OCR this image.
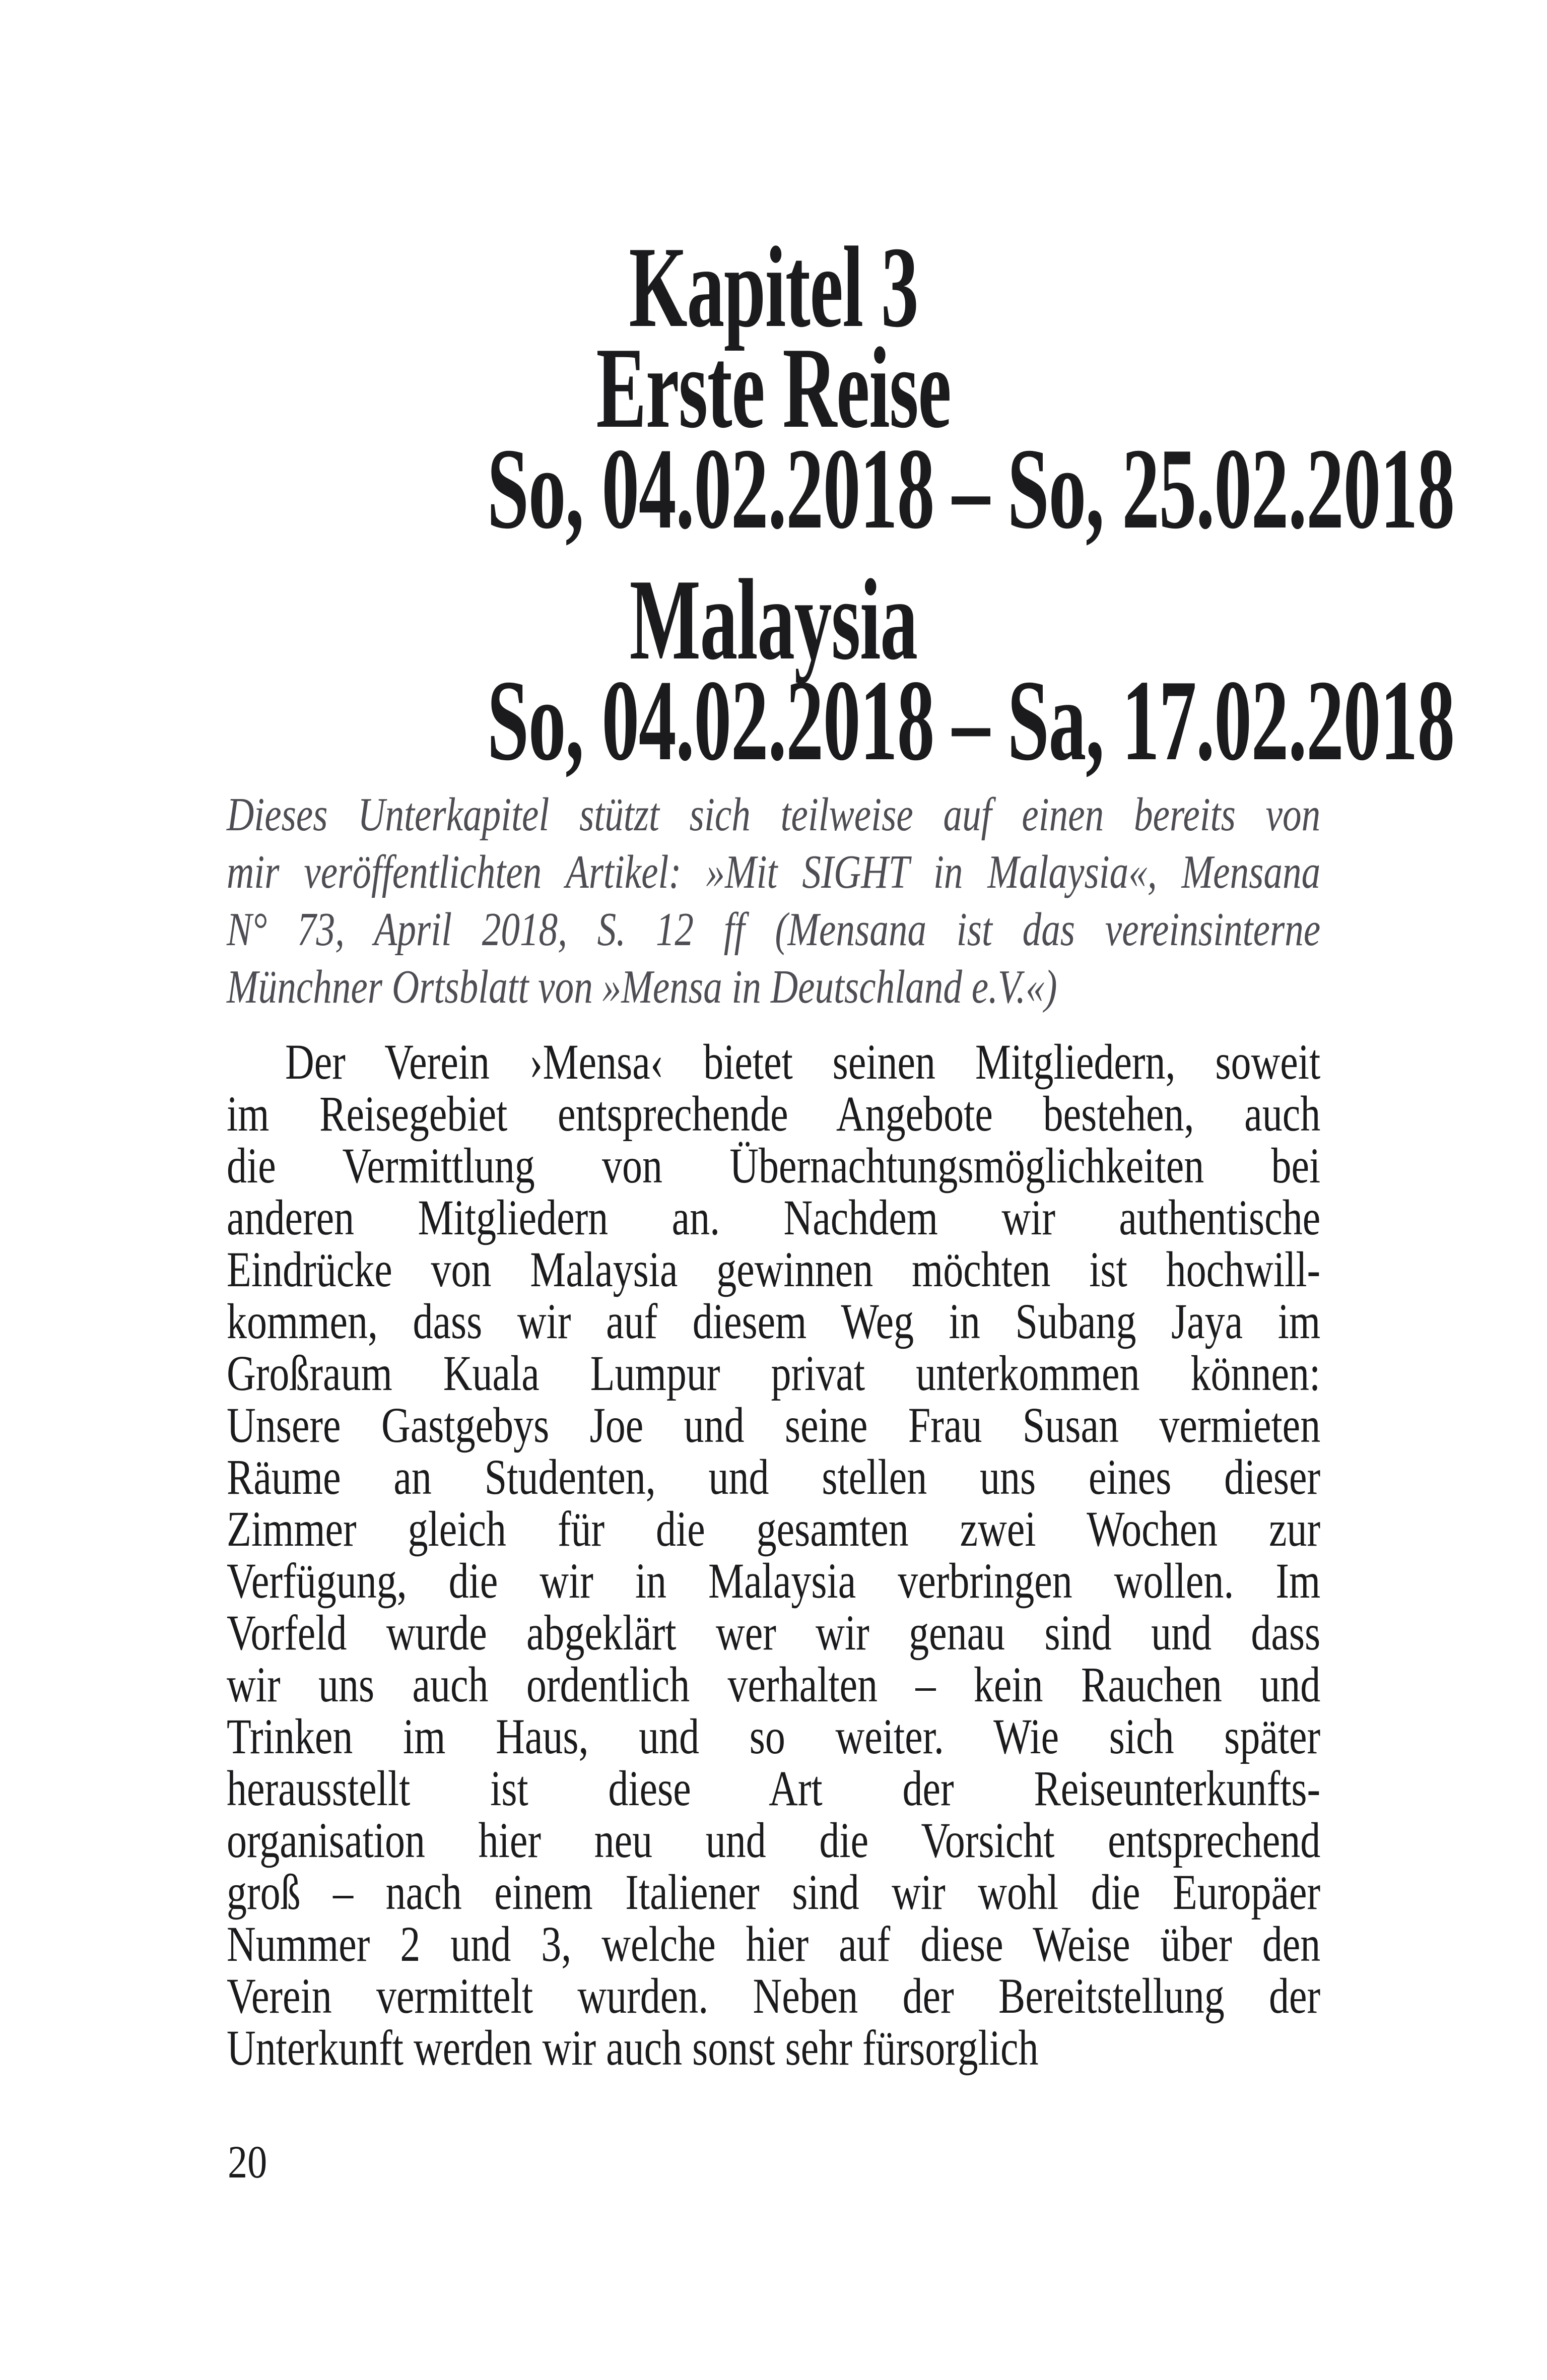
Kapitel 3
Erste Reise
So, 04.02.2018 – So, 25.02.2018
Malaysia
So, 04.02.2018 – Sa, 17.02.2018
Dieses Unterkapitel stützt sich teilweise auf einen bereits von
mir veröffentlichten Artikel: »Mit SIGHT in Malaysia«, Mensana
N° 73, April 2018, S. 12 ff (Mensana ist das vereinsinterne
Münchner Ortsblatt von »Mensa in Deutschland e.V.«)
Der Verein ›Mensa‹ bietet seinen Mitgliedern, soweit
im Reisegebiet entsprechende Angebote bestehen, auch
die Vermittlung von Übernachtungsmöglichkeiten bei
anderen Mitgliedern an. Nachdem wir authentische
Eindrücke von Malaysia gewinnen möchten ist hochwill-
kommen, dass wir auf diesem Weg in Subang Jaya im
Großraum Kuala Lumpur privat unterkommen können:
Unsere Gastgebys Joe und seine Frau Susan vermieten
Räume an Studenten, und stellen uns eines dieser
Zimmer gleich für die gesamten zwei Wochen zur
Verfügung, die wir in Malaysia verbringen wollen. Im
Vorfeld wurde abgeklärt wer wir genau sind und dass
wir uns auch ordentlich verhalten – kein Rauchen und
Trinken im Haus, und so weiter. Wie sich später
herausstellt ist diese Art der Reiseunterkunfts-
organisation hier neu und die Vorsicht entsprechend
groß – nach einem Italiener sind wir wohl die Europäer
Nummer 2 und 3, welche hier auf diese Weise über den
Verein vermittelt wurden. Neben der Bereitstellung der
Unterkunft werden wir auch sonst sehr fürsorglich
20
